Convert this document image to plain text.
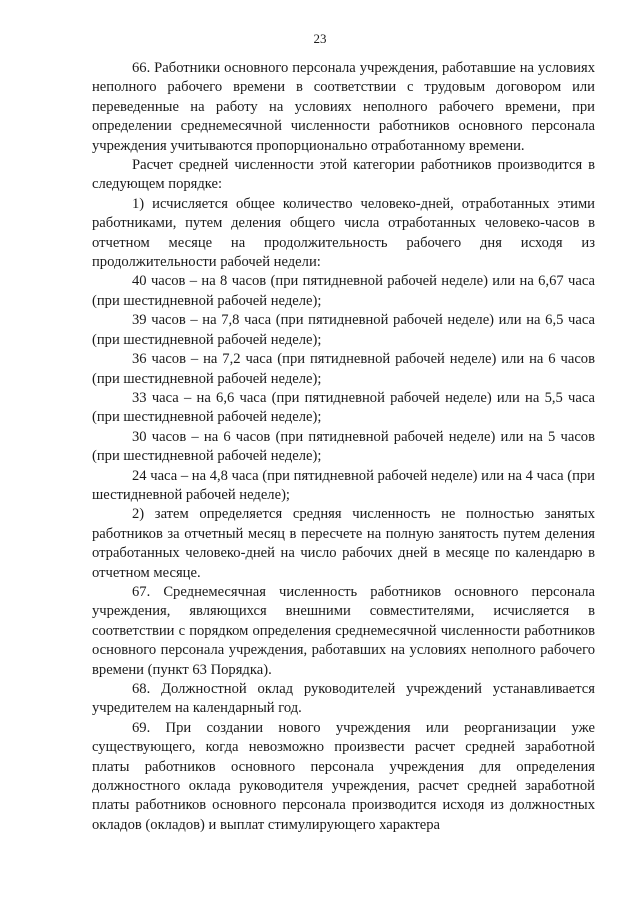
23

66. Работники основного персонала учреждения, работавшие на условиях неполного рабочего времени в соответствии с трудовым договором или переведенные на работу на условиях неполного рабочего времени, при определении среднемесячной численности работников основного персонала учреждения учитываются пропорционально отработанному времени.

Расчет средней численности этой категории работников производится в следующем порядке:

1) исчисляется общее количество человеко-дней, отработанных этими работниками, путем деления общего числа отработанных человеко-часов в отчетном месяце на продолжительность рабочего дня исходя из продолжительности рабочей недели:

40 часов – на 8 часов (при пятидневной рабочей неделе) или на 6,67 часа (при шестидневной рабочей неделе);

39 часов – на 7,8 часа (при пятидневной рабочей неделе) или на 6,5 часа (при шестидневной рабочей неделе);

36 часов – на 7,2 часа (при пятидневной рабочей неделе) или на 6 часов (при шестидневной рабочей неделе);

33 часа – на 6,6 часа (при пятидневной рабочей неделе) или на 5,5 часа (при шестидневной рабочей неделе);

30 часов – на 6 часов (при пятидневной рабочей неделе) или на 5 часов (при шестидневной рабочей неделе);

24 часа – на 4,8 часа (при пятидневной рабочей неделе) или на 4 часа (при шестидневной рабочей неделе);

2) затем определяется средняя численность не полностью занятых работников за отчетный месяц в пересчете на полную занятость путем деления отработанных человеко-дней на число рабочих дней в месяце по календарю в отчетном месяце.

67. Среднемесячная численность работников основного персонала учреждения, являющихся внешними совместителями, исчисляется в соответствии с порядком определения среднемесячной численности работников основного персонала учреждения, работавших на условиях неполного рабочего времени (пункт 63 Порядка).

68. Должностной оклад руководителей учреждений устанавливается учредителем на календарный год.

69. При создании нового учреждения или реорганизации уже существующего, когда невозможно произвести расчет средней заработной платы работников основного персонала учреждения для определения должностного оклада руководителя учреждения, расчет средней заработной платы работников основного персонала производится исходя из должностных окладов (окладов) и выплат стимулирующего характера
